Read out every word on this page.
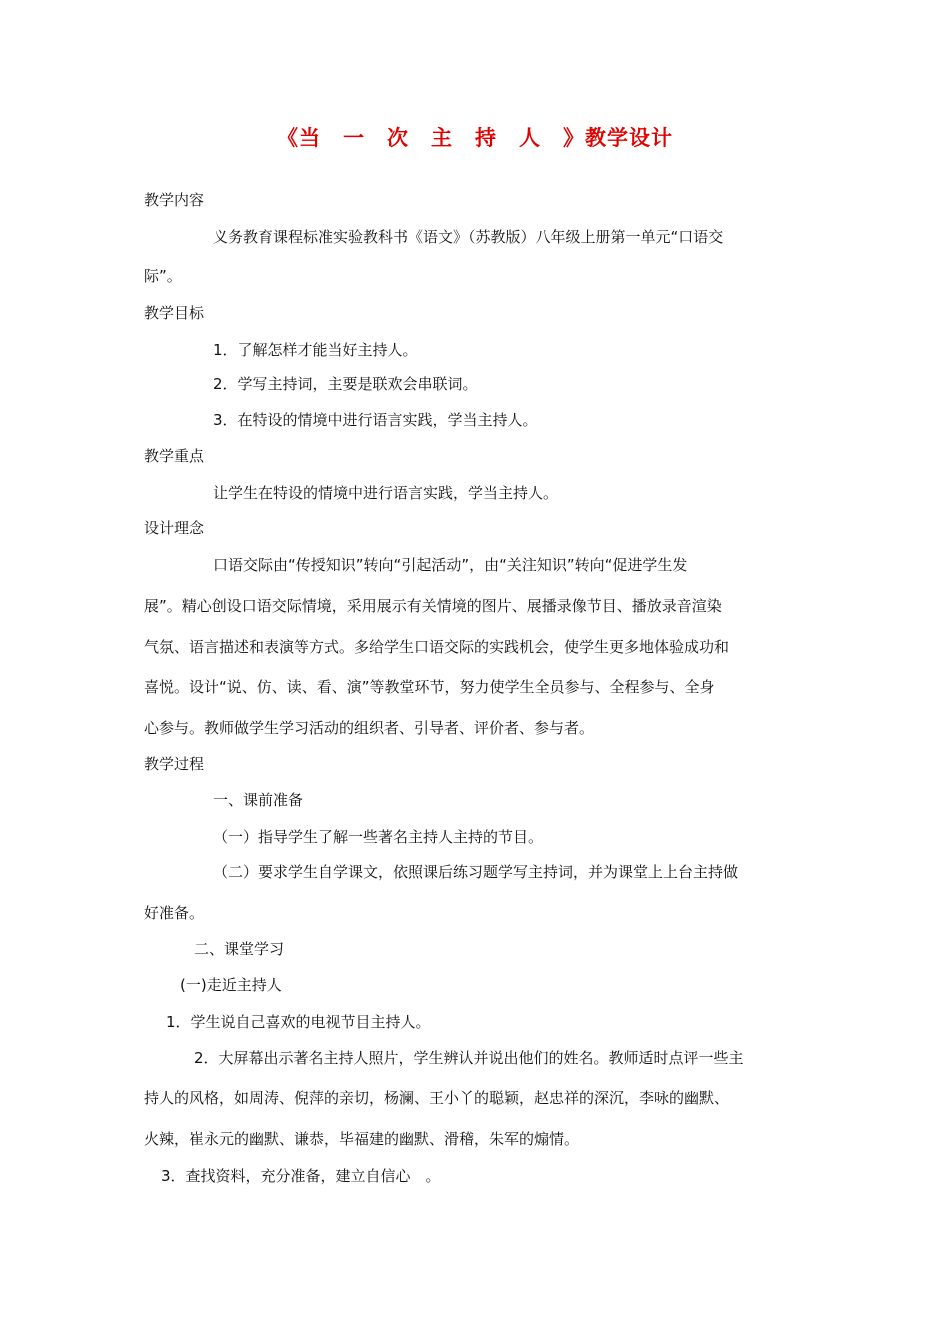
《当　一　次　主　持　人　》教学设计
教学内容
义务教育课程标准实验教科书《语文》（苏教版）八年级上册第一单元“口语交
际”。
教学目标
1．了解怎样才能当好主持人。
2．学写主持词，主要是联欢会串联词。
3．在特设的情境中进行语言实践，学当主持人。
教学重点
让学生在特设的情境中进行语言实践，学当主持人。
设计理念
口语交际由“传授知识”转向“引起活动”，由“关注知识”转向“促进学生发
展”。精心创设口语交际情境，采用展示有关情境的图片、展播录像节目、播放录音渲染
气氛、语言描述和表演等方式。多给学生口语交际的实践机会，使学生更多地体验成功和
喜悦。设计“说、仿、读、看、演”等教堂环节，努力使学生全员参与、全程参与、全身
心参与。教师做学生学习活动的组织者、引导者、评价者、参与者。
教学过程
一、课前准备
（一）指导学生了解一些著名主持人主持的节目。
（二）要求学生自学课文，依照课后练习题学写主持词，并为课堂上上台主持做
好准备。
二、课堂学习
(一)走近主持人
1．学生说自己喜欢的电视节目主持人。
2．大屏幕出示著名主持人照片，学生辨认并说出他们的姓名。教师适时点评一些主
持人的风格，如周涛、倪萍的亲切，杨澜、王小丫的聪颖，赵忠祥的深沉，李咏的幽默、
火辣，崔永元的幽默、谦恭，毕福建的幽默、滑稽，朱军的煽情。
3．查找资料，充分准备，建立自信心　。
